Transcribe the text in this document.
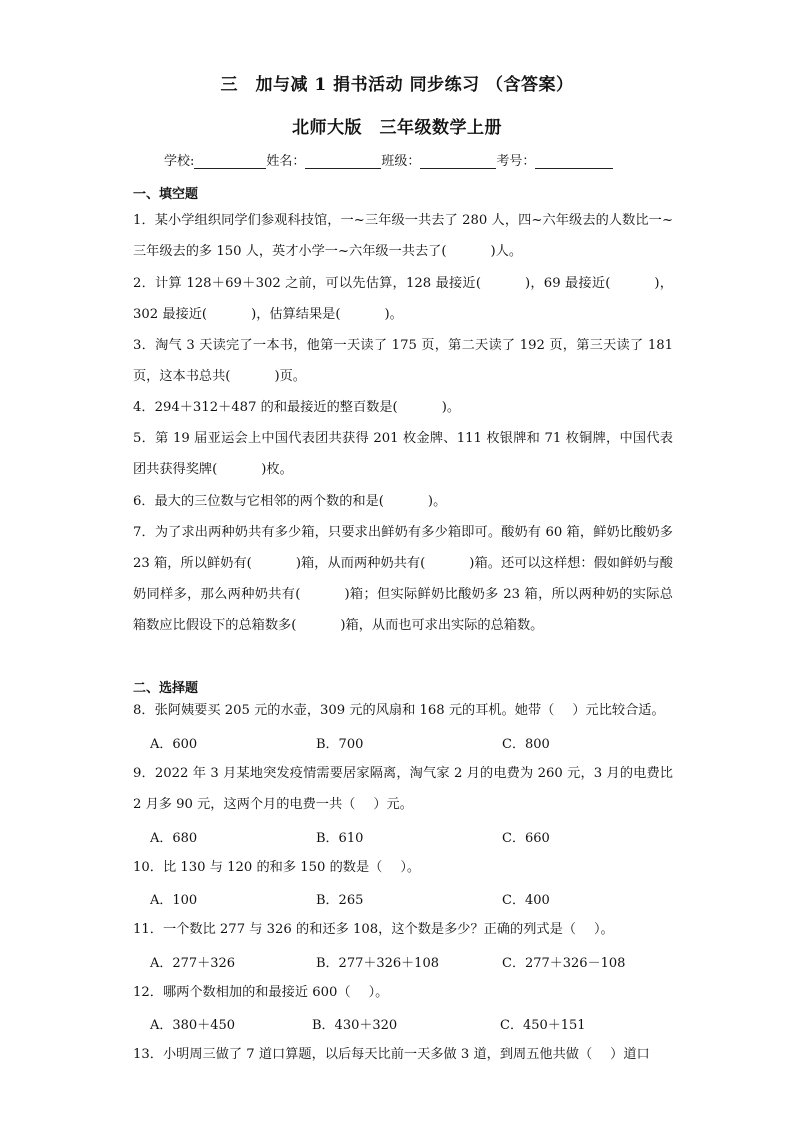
三　加与减 1 捐书活动 同步练习 （含答案）
北师大版　三年级数学上册
学校:	姓名：	班级：	考号：
一、填空题
1．某小学组织同学们参观科技馆，一~三年级一共去了 280 人，四~六年级去的人数比一~三年级去的多 150 人，英才小学一~六年级一共去了(	)人。
2．计算 128＋69＋302 之前，可以先估算，128 最接近(	)，69 最接近(	)，302 最接近(	)，估算结果是(	)。
3．淘气 3 天读完了一本书，他第一天读了 175 页，第二天读了 192 页，第三天读了 181 页，这本书总共(	)页。
4．294＋312＋487 的和最接近的整百数是(	)。
5．第 19 届亚运会上中国代表团共获得 201 枚金牌、111 枚银牌和 71 枚铜牌，中国代表团共获得奖牌(	)枚。
6．最大的三位数与它相邻的两个数的和是(	)。
7．为了求出两种奶共有多少箱，只要求出鲜奶有多少箱即可。酸奶有 60 箱，鲜奶比酸奶多 23 箱，所以鲜奶有(	)箱，从而两种奶共有(	)箱。还可以这样想：假如鲜奶与酸奶同样多，那么两种奶共有(	)箱；但实际鲜奶比酸奶多 23 箱，所以两种奶的实际总箱数应比假设下的总箱数多(	)箱，从而也可求出实际的总箱数。
二、选择题
8．张阿姨要买 205 元的水壶，309 元的风扇和 168 元的耳机。她带（ ）元比较合适。
A．600	B．700	C．800
9．2022 年 3 月某地突发疫情需要居家隔离，淘气家 2 月的电费为 260 元，3 月的电费比 2 月多 90 元，这两个月的电费一共（ ）元。
A．680	B．610	C．660
10．比 130 与 120 的和多 150 的数是（ ）。
A．100	B．265	C．400
11．一个数比 277 与 326 的和还多 108，这个数是多少？正确的列式是（ ）。
A．277＋326	B．277＋326＋108	C．277＋326－108
12．哪两个数相加的和最接近 600（ ）。
A．380＋450	B．430＋320	C．450＋151
13．小明周三做了 7 道口算题，以后每天比前一天多做 3 道，到周五他共做（ ）道口
